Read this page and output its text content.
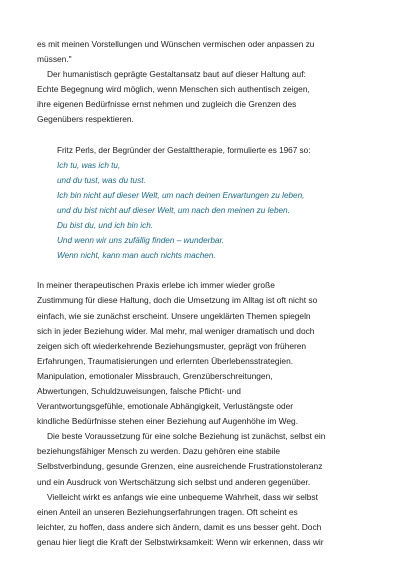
es mit meinen Vorstellungen und Wünschen vermischen oder anpassen zu
müssen."
Der humanistisch geprägte Gestaltansatz baut auf dieser Haltung auf:
Echte Begegnung wird möglich, wenn Menschen sich authentisch zeigen,
ihre eigenen Bedürfnisse ernst nehmen und zugleich die Grenzen des
Gegenübers respektieren.
Fritz Perls, der Begründer der Gestalttherapie, formulierte es 1967 so:
Ich tu, was ich tu,
und du tust, was du tust.
Ich bin nicht auf dieser Welt, um nach deinen Erwartungen zu leben,
und du bist nicht auf dieser Welt, um nach den meinen zu leben.
Du bist du, und ich bin ich.
Und wenn wir uns zufällig finden – wunderbar.
Wenn nicht, kann man auch nichts machen.
In meiner therapeutischen Praxis erlebe ich immer wieder große
Zustimmung für diese Haltung, doch die Umsetzung im Alltag ist oft nicht so
einfach, wie sie zunächst erscheint. Unsere ungeklärten Themen spiegeln
sich in jeder Beziehung wider. Mal mehr, mal weniger dramatisch und doch
zeigen sich oft wiederkehrende Beziehungsmuster, geprägt von früheren
Erfahrungen, Traumatisierungen und erlernten Überlebensstrategien.
Manipulation, emotionaler Missbrauch, Grenzüberschreitungen,
Abwertungen, Schuldzuweisungen, falsche Pflicht- und
Verantwortungsgefühle, emotionale Abhängigkeit, Verlustängste oder
kindliche Bedürfnisse stehen einer Beziehung auf Augenhöhe im Weg.
Die beste Voraussetzung für eine solche Beziehung ist zunächst, selbst ein
beziehungsfähiger Mensch zu werden. Dazu gehören eine stabile
Selbstverbindung, gesunde Grenzen, eine ausreichende Frustrationstoleranz
und ein Ausdruck von Wertschätzung sich selbst und anderen gegenüber.
Vielleicht wirkt es anfangs wie eine unbequeme Wahrheit, dass wir selbst
einen Anteil an unseren Beziehungserfahrungen tragen. Oft scheint es
leichter, zu hoffen, dass andere sich ändern, damit es uns besser geht. Doch
genau hier liegt die Kraft der Selbstwirksamkeit: Wenn wir erkennen, dass wir
